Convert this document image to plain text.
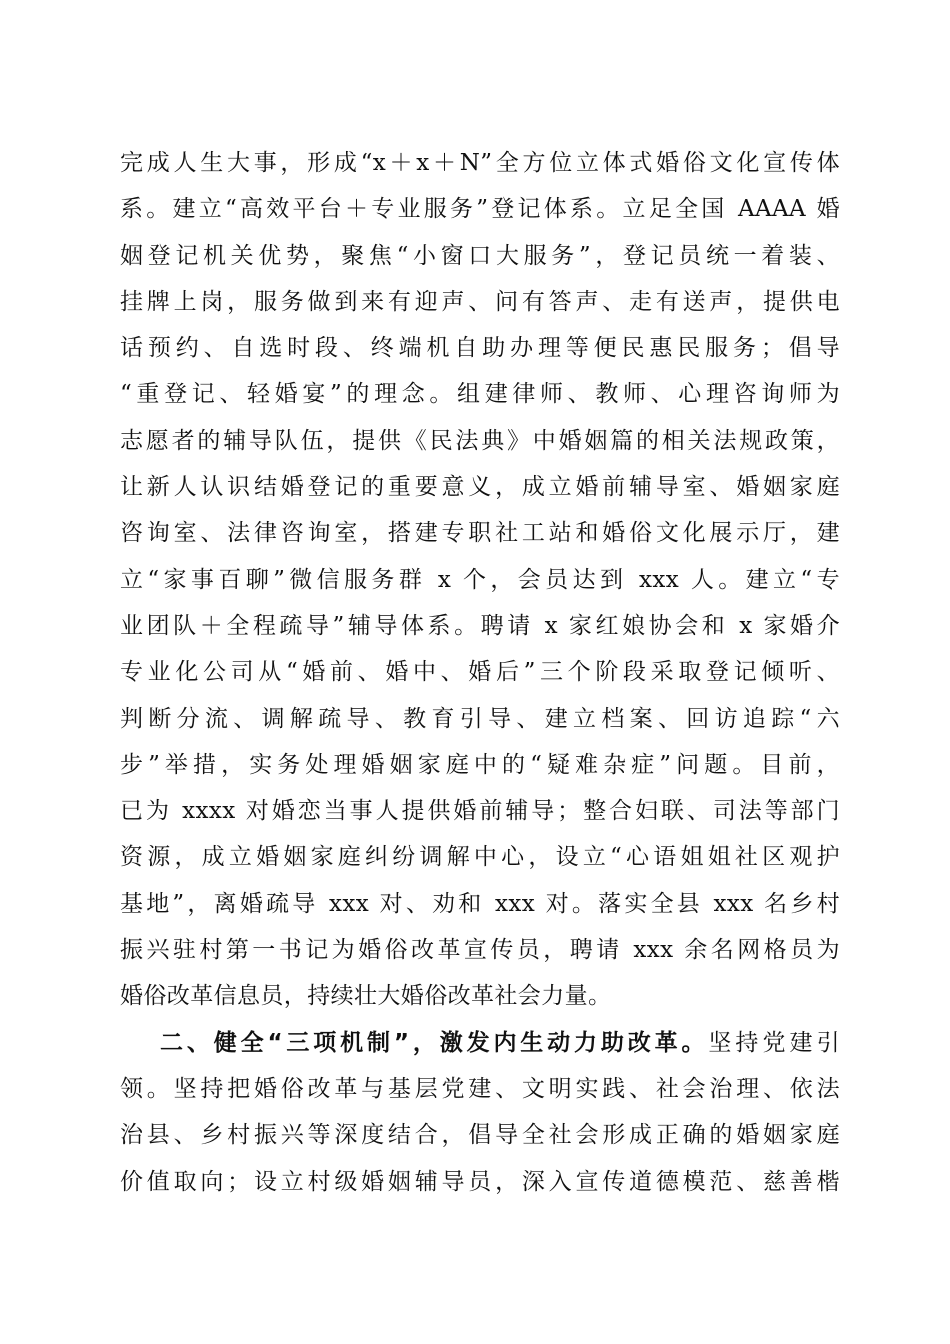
完成人生大事，形成“x＋x＋N”全方位立体式婚俗文化宣传体
系。建立“高效平台＋专业服务”登记体系。立足全国 AAAA 婚
姻登记机关优势，聚焦“小窗口大服务”，登记员统一着装、
挂牌上岗，服务做到来有迎声、问有答声、走有送声，提供电
话预约、自选时段、终端机自助办理等便民惠民服务；倡导
“重登记、轻婚宴”的理念。组建律师、教师、心理咨询师为
志愿者的辅导队伍，提供《民法典》中婚姻篇的相关法规政策，
让新人认识结婚登记的重要意义，成立婚前辅导室、婚姻家庭
咨询室、法律咨询室，搭建专职社工站和婚俗文化展示厅，建
立“家事百聊”微信服务群 x 个，会员达到 xxx 人。建立“专
业团队＋全程疏导”辅导体系。聘请 x 家红娘协会和 x 家婚介
专业化公司从“婚前、婚中、婚后”三个阶段采取登记倾听、
判断分流、调解疏导、教育引导、建立档案、回访追踪“六
步”举措，实务处理婚姻家庭中的“疑难杂症”问题。目前，
已为 xxxx 对婚恋当事人提供婚前辅导；整合妇联、司法等部门
资源，成立婚姻家庭纠纷调解中心，设立“心语姐姐社区观护
基地”，离婚疏导 xxx 对、劝和 xxx 对。落实全县 xxx 名乡村
振兴驻村第一书记为婚俗改革宣传员，聘请 xxx 余名网格员为
婚俗改革信息员，持续壮大婚俗改革社会力量。
二、健全“三项机制”，激发内生动力助改革。坚持党建引
领。坚持把婚俗改革与基层党建、文明实践、社会治理、依法
治县、乡村振兴等深度结合，倡导全社会形成正确的婚姻家庭
价值取向；设立村级婚姻辅导员，深入宣传道德模范、慈善楷
